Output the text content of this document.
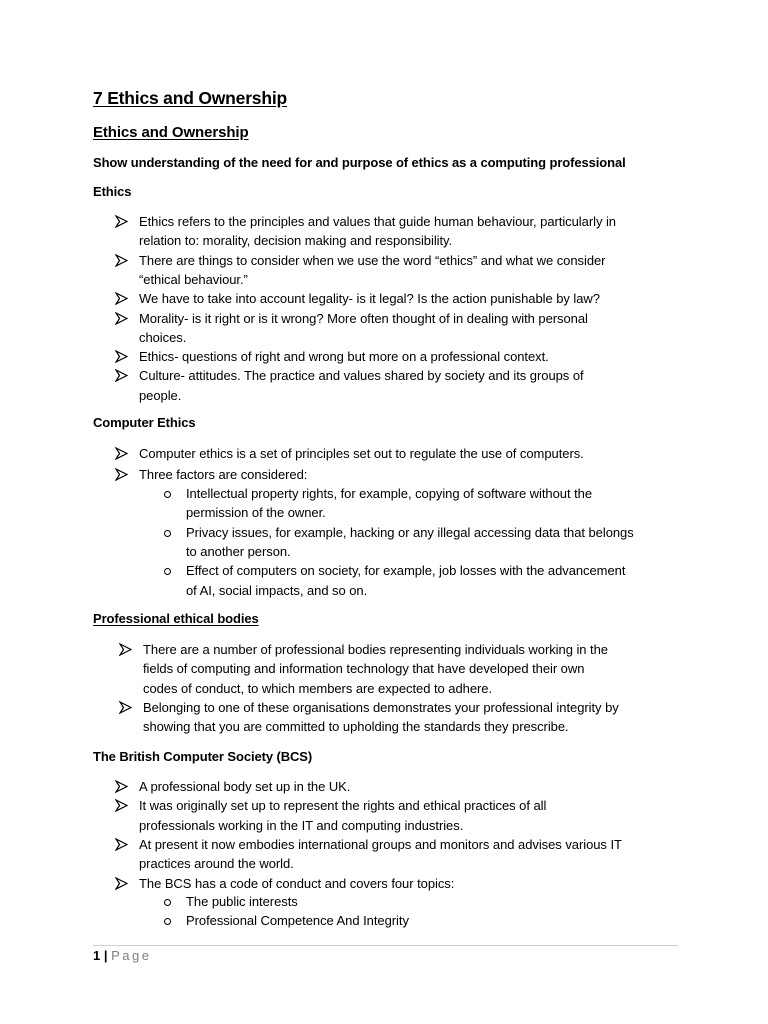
7 Ethics and Ownership
Ethics and Ownership
Show understanding of the need for and purpose of ethics as a computing professional
Ethics
Ethics refers to the principles and values that guide human behaviour, particularly in
relation to: morality, decision making and responsibility.
There are things to consider when we use the word “ethics” and what we consider
“ethical behaviour.”
We have to take into account legality- is it legal? Is the action punishable by law?
Morality- is it right or is it wrong? More often thought of in dealing with personal
choices.
Ethics- questions of right and wrong but more on a professional context.
Culture- attitudes. The practice and values shared by society and its groups of
people.
Computer Ethics
Computer ethics is a set of principles set out to regulate the use of computers.
Three factors are considered:
Intellectual property rights, for example, copying of software without the
permission of the owner.
Privacy issues, for example, hacking or any illegal accessing data that belongs
to another person.
Effect of computers on society, for example, job losses with the advancement
of AI, social impacts, and so on.
Professional ethical bodies
There are a number of professional bodies representing individuals working in the
fields of computing and information technology that have developed their own
codes of conduct, to which members are expected to adhere.
Belonging to one of these organisations demonstrates your professional integrity by
showing that you are committed to upholding the standards they prescribe.
The British Computer Society (BCS)
A professional body set up in the UK.
It was originally set up to represent the rights and ethical practices of all
professionals working in the IT and computing industries.
At present it now embodies international groups and monitors and advises various IT
practices around the world.
The BCS has a code of conduct and covers four topics:
The public interests
Professional Competence And Integrity
1 | Page
